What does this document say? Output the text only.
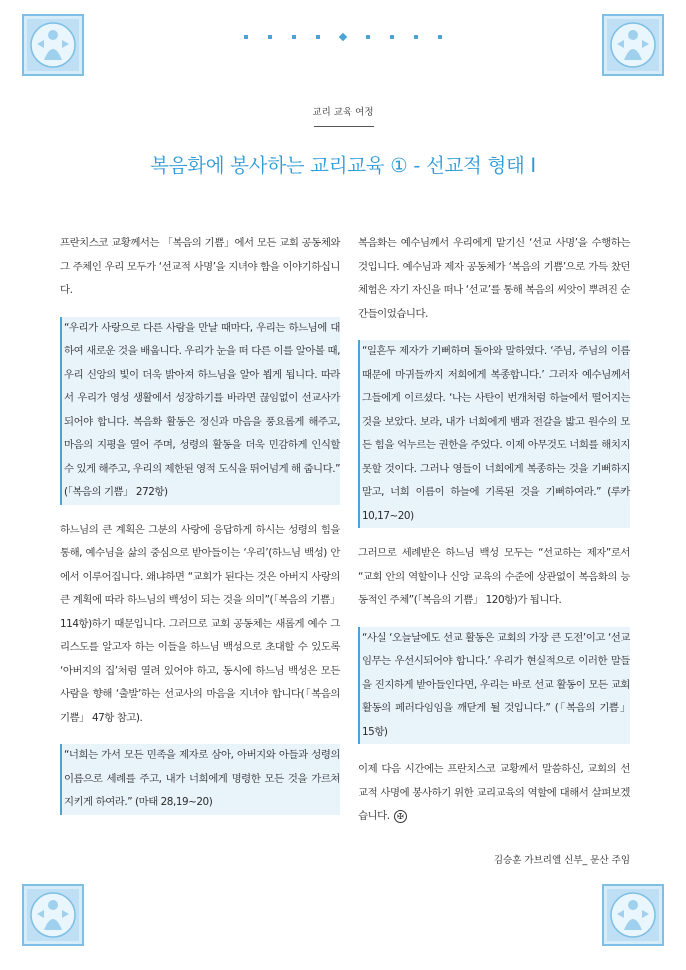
교리 교육 여정
복음화에 봉사하는 교리교육 ① - 선교적 형태 Ⅰ

프란치스코 교황께서는 「복음의 기쁨」에서 모든 교회 공동체와 그 주체인 우리 모두가 ‘선교적 사명’을 지녀야 함을 이야기하십니다.

“우리가 사랑으로 다른 사람을 만날 때마다, 우리는 하느님에 대하여 새로운 것을 배웁니다. 우리가 눈을 떠 다른 이를 알아볼 때, 우리 신앙의 빛이 더욱 밝아져 하느님을 알아 뵙게 됩니다. 따라서 우리가 영성 생활에서 성장하기를 바라면 끊임없이 선교사가 되어야 합니다. 복음화 활동은 정신과 마음을 풍요롭게 해주고, 마음의 지평을 열어 주며, 성령의 활동을 더욱 민감하게 인식할 수 있게 해주고, 우리의 제한된 영적 도식을 뛰어넘게 해 줍니다.” (「복음의 기쁨」 272항)

하느님의 큰 계획은 그분의 사랑에 응답하게 하시는 성령의 힘을 통해, 예수님을 삶의 중심으로 받아들이는 ‘우리’(하느님 백성) 안에서 이루어집니다. 왜냐하면 “교회가 된다는 것은 아버지 사랑의 큰 계획에 따라 하느님의 백성이 되는 것을 의미”(「복음의 기쁨」 114항)하기 때문입니다. 그러므로 교회 공동체는 새롭게 예수 그리스도를 알고자 하는 이들을 하느님 백성으로 초대할 수 있도록 ‘아버지의 집’처럼 열려 있어야 하고, 동시에 하느님 백성은 모든 사람을 향해 ‘출발’하는 선교사의 마음을 지녀야 합니다(「복음의 기쁨」 47항 참고).

“너희는 가서 모든 민족을 제자로 삼아, 아버지와 아들과 성령의 이름으로 세례를 주고, 내가 너희에게 명령한 모든 것을 가르쳐 지키게 하여라.” (마태 28,19~20)

복음화는 예수님께서 우리에게 맡기신 ‘선교 사명’을 수행하는 것입니다. 예수님과 제자 공동체가 ‘복음의 기쁨’으로 가득 찼던 체험은 자기 자신을 떠나 ‘선교’를 통해 복음의 씨앗이 뿌려진 순간들이었습니다.

“일흔두 제자가 기뻐하며 돌아와 말하였다. ‘주님, 주님의 이름 때문에 마귀들까지 저희에게 복종합니다.’ 그러자 예수님께서 그들에게 이르셨다. ‘나는 사탄이 번개처럼 하늘에서 떨어지는 것을 보았다. 보라, 내가 너희에게 뱀과 전갈을 밟고 원수의 모든 힘을 억누르는 권한을 주었다. 이제 아무것도 너희를 해치지 못할 것이다. 그러나 영들이 너희에게 복종하는 것을 기뻐하지 말고, 너희 이름이 하늘에 기록된 것을 기뻐하여라.” (루카 10,17~20)

그러므로 세례받은 하느님 백성 모두는 “선교하는 제자”로서 “교회 안의 역할이나 신앙 교육의 수준에 상관없이 복음화의 능동적인 주체”(「복음의 기쁨」 120항)가 됩니다.

“사실 ‘오늘날에도 선교 활동은 교회의 가장 큰 도전’이고 ‘선교 임무는 우선시되어야 합니다.’ 우리가 현실적으로 이러한 말들을 진지하게 받아들인다면, 우리는 바로 선교 활동이 모든 교회 활동의 페러다임임을 깨닫게 될 것입니다.” (「복음의 기쁨」 15항)

이제 다음 시간에는 프란치스코 교황께서 말씀하신, 교회의 선교적 사명에 봉사하기 위한 교리교육의 역할에 대해서 살펴보겠습니다. ✠

김승훈 가브리엘 신부_ 문산 주임
